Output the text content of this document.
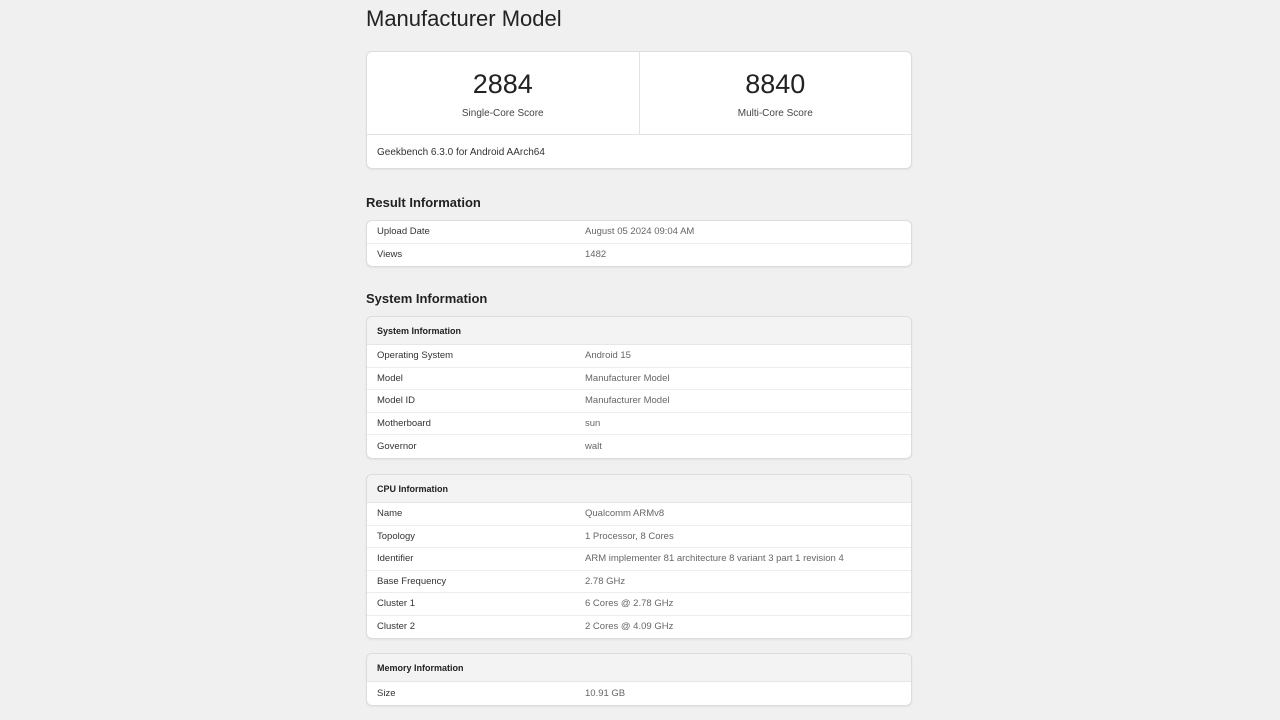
Manufacturer Model
2884
Single-Core Score
8840
Multi-Core Score
Geekbench 6.3.0 for Android AArch64
Result Information
Upload Date	August 05 2024 09:04 AM
Views	1482
System Information
System Information
Operating System	Android 15
Model	Manufacturer Model
Model ID	Manufacturer Model
Motherboard	sun
Governor	walt
CPU Information
Name	Qualcomm ARMv8
Topology	1 Processor, 8 Cores
Identifier	ARM implementer 81 architecture 8 variant 3 part 1 revision 4
Base Frequency	2.78 GHz
Cluster 1	6 Cores @ 2.78 GHz
Cluster 2	2 Cores @ 4.09 GHz
Memory Information
Size	10.91 GB
